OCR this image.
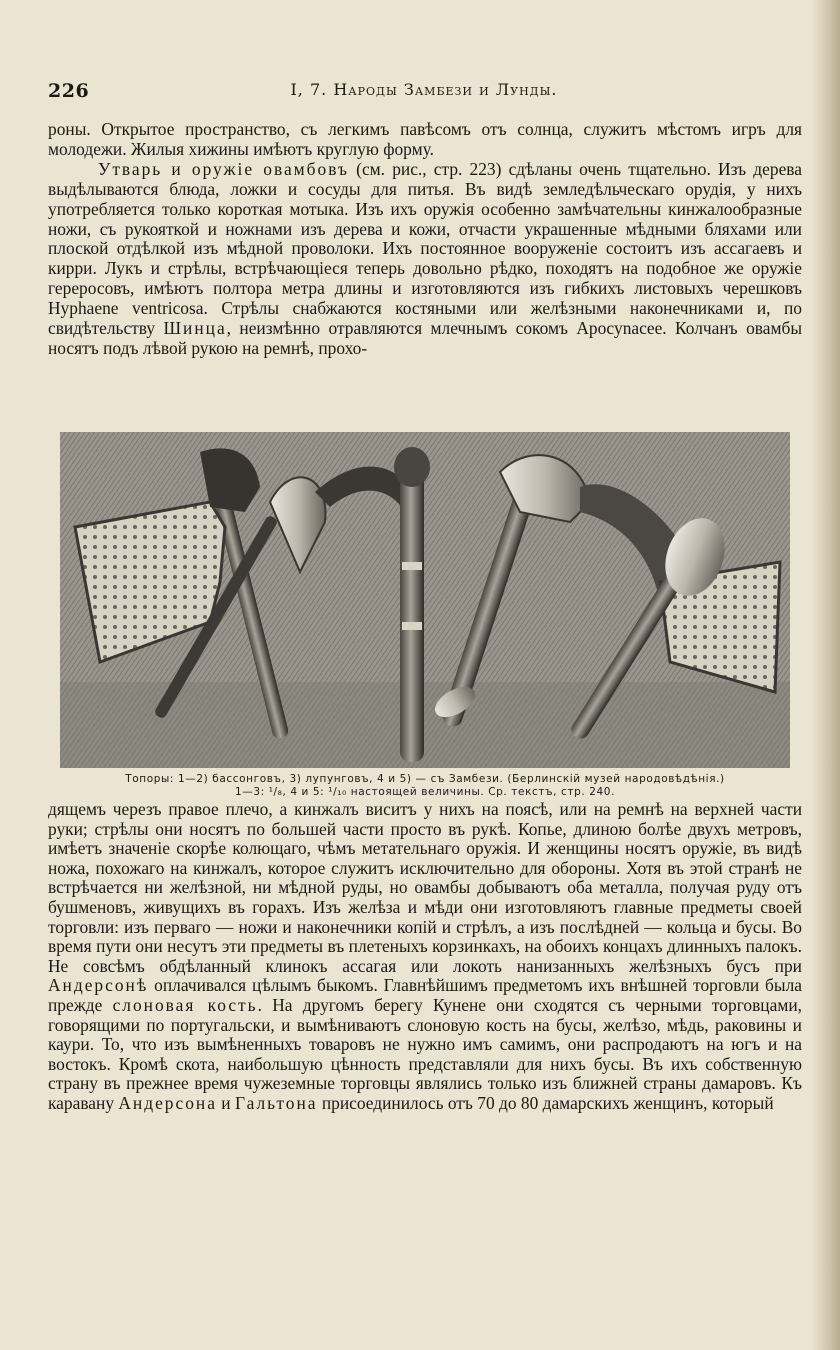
226	I, 7. Народы Замбези и Лунды.

роны. Открытое пространство, съ легкимъ павѣсомъ отъ солнца, служитъ мѣстомъ игръ для молодежи. Жилыя хижины имѣютъ круглую форму.

Утварь и оружіе овамбовъ (см. рис., стр. 223) сдѣланы очень тщательно. Изъ дерева выдѣлываются блюда, ложки и сосуды для питья. Въ видѣ земледѣльческаго орудія, у нихъ употребляется только короткая мотыка. Изъ ихъ оружія особенно замѣчательны кинжалообразные ножи, съ рукояткой и ножнами изъ дерева и кожи, отчасти украшенные мѣдными бляхами или плоской отдѣлкой изъ мѣдной проволоки. Ихъ постоянное вооруженіе состоитъ изъ ассагаевъ и кирри. Лукъ и стрѣлы, встрѣчающіеся теперь довольно рѣдко, походятъ на подобное же оружіе гереросовъ, имѣютъ полтора метра длины и изготовляются изъ гибкихъ листовыхъ черешковъ Hyphaene ventricosa. Стрѣлы снабжаются костяными или желѣзными наконечниками и, по свидѣтельству Шинца, неизмѣнно отравляются млечнымъ сокомъ Apocynacee. Колчанъ овамбы носятъ подъ лѣвой рукою на ремнѣ, прохо-

Топоры: 1—2) бассонговъ, 3) лупунговъ, 4 и 5) — съ Замбези. (Берлинскій музей народовѣдѣнія.)
1—3: ¹/₈, 4 и 5: ¹/₁₀ настоящей величины. Ср. текстъ, стр. 240.

дящемъ черезъ правое плечо, а кинжалъ виситъ у нихъ на поясѣ, или на ремнѣ на верхней части руки; стрѣлы они носятъ по большей части просто въ рукѣ. Копье, длиною болѣе двухъ метровъ, имѣетъ значеніе скорѣе колющаго, чѣмъ метательнаго оружія. И женщины носятъ оружіе, въ видѣ ножа, похожаго на кинжалъ, которое служитъ исключительно для обороны. Хотя въ этой странѣ не встрѣчается ни желѣзной, ни мѣдной руды, но овамбы добываютъ оба металла, получая руду отъ бушменовъ, живущихъ въ горахъ. Изъ желѣза и мѣди они изготовляютъ главные предметы своей торговли: изъ перваго — ножи и наконечники копій и стрѣлъ, а изъ послѣдней — кольца и бусы. Во время пути они несутъ эти предметы въ плетеныхъ корзинкахъ, на обоихъ концахъ длинныхъ палокъ. Не совсѣмъ обдѣланный клинокъ ассагая или локоть нанизанныхъ желѣзныхъ бусъ при Андерсонѣ оплачивался цѣлымъ быкомъ. Главнѣйшимъ предметомъ ихъ внѣшней торговли была прежде слоновая кость. На другомъ берегу Кунене они сходятся съ черными торговцами, говорящими по португальски, и вымѣниваютъ слоновую кость на бусы, желѣзо, мѣдь, раковины и каури. То, что изъ вымѣненныхъ товаровъ не нужно имъ самимъ, они распродаютъ на югъ и на востокъ. Кромѣ скота, наибольшую цѣнность представляли для нихъ бусы. Въ ихъ собственную страну въ прежнее время чужеземные торговцы являлись только изъ ближней страны дамаровъ. Къ каравану Андерсона и Гальтона присоединилось отъ 70 до 80 дамарскихъ женщинъ, который
